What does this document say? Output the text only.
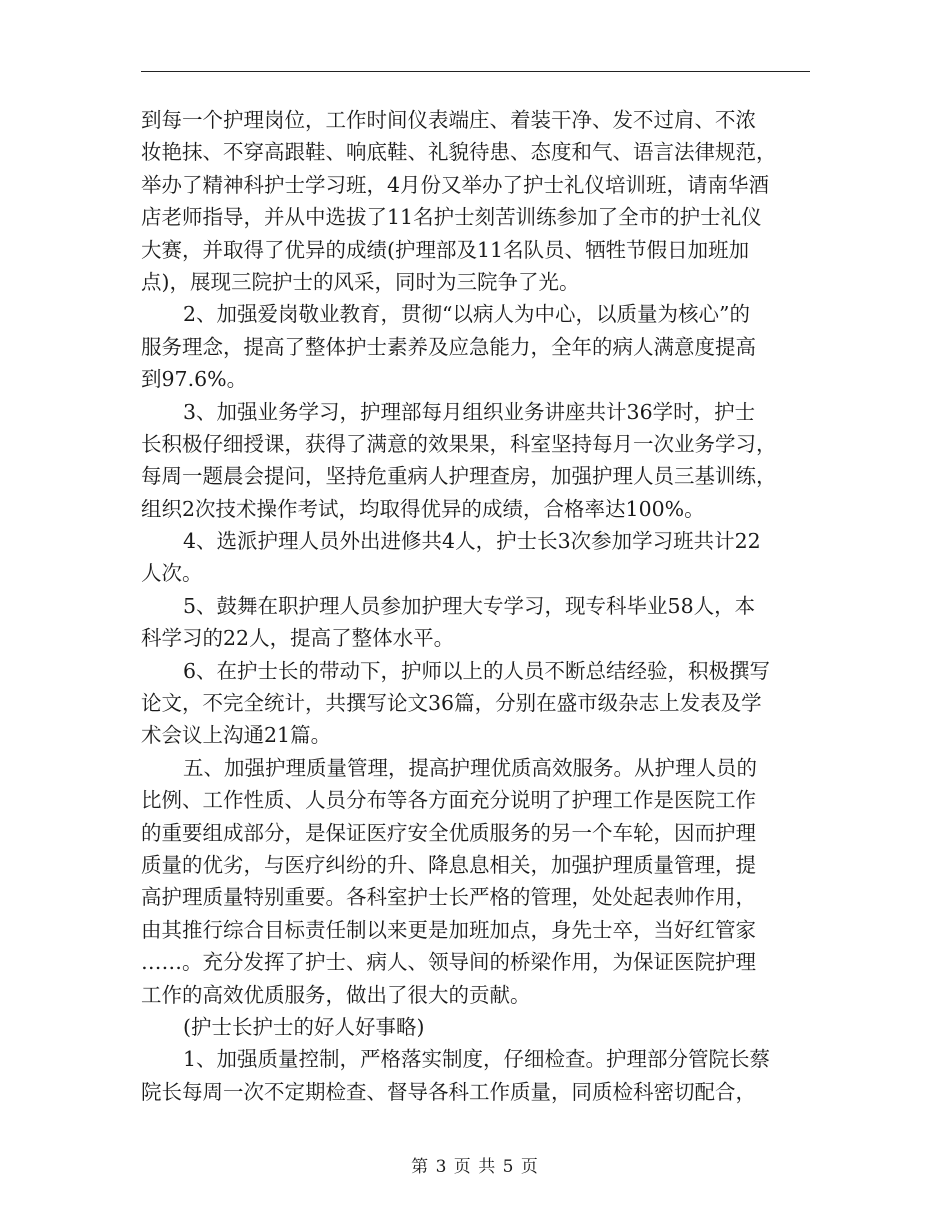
到每一个护理岗位，工作时间仪表端庄、着装干净、发不过肩、不浓
妆艳抹、不穿高跟鞋、响底鞋、礼貌待患、态度和气、语言法律规范，
举办了精神科护士学习班，4月份又举办了护士礼仪培训班，请南华酒
店老师指导，并从中选拔了11名护士刻苦训练参加了全市的护士礼仪
大赛，并取得了优异的成绩(护理部及11名队员、牺牲节假日加班加
点)，展现三院护士的风采，同时为三院争了光。
2、加强爱岗敬业教育，贯彻“以病人为中心，以质量为核心”的
服务理念，提高了整体护士素养及应急能力，全年的病人满意度提高
到97.6%。
3、加强业务学习，护理部每月组织业务讲座共计36学时，护士
长积极仔细授课，获得了满意的效果果，科室坚持每月一次业务学习，
每周一题晨会提问，坚持危重病人护理查房，加强护理人员三基训练，
组织2次技术操作考试，均取得优异的成绩，合格率达100%。
4、选派护理人员外出进修共4人，护士长3次参加学习班共计22
人次。
5、鼓舞在职护理人员参加护理大专学习，现专科毕业58人，本
科学习的22人，提高了整体水平。
6、在护士长的带动下，护师以上的人员不断总结经验，积极撰写
论文，不完全统计，共撰写论文36篇，分别在盛市级杂志上发表及学
术会议上沟通21篇。
五、加强护理质量管理，提高护理优质高效服务。从护理人员的
比例、工作性质、人员分布等各方面充分说明了护理工作是医院工作
的重要组成部分，是保证医疗安全优质服务的另一个车轮，因而护理
质量的优劣，与医疗纠纷的升、降息息相关，加强护理质量管理，提
高护理质量特别重要。各科室护士长严格的管理，处处起表帅作用，
由其推行综合目标责任制以来更是加班加点，身先士卒，当好红管家
……。充分发挥了护士、病人、领导间的桥梁作用，为保证医院护理
工作的高效优质服务，做出了很大的贡献。
(护士长护士的好人好事略)
1、加强质量控制，严格落实制度，仔细检查。护理部分管院长蔡
院长每周一次不定期检查、督导各科工作质量，同质检科密切配合，
第 3 页 共 5 页
